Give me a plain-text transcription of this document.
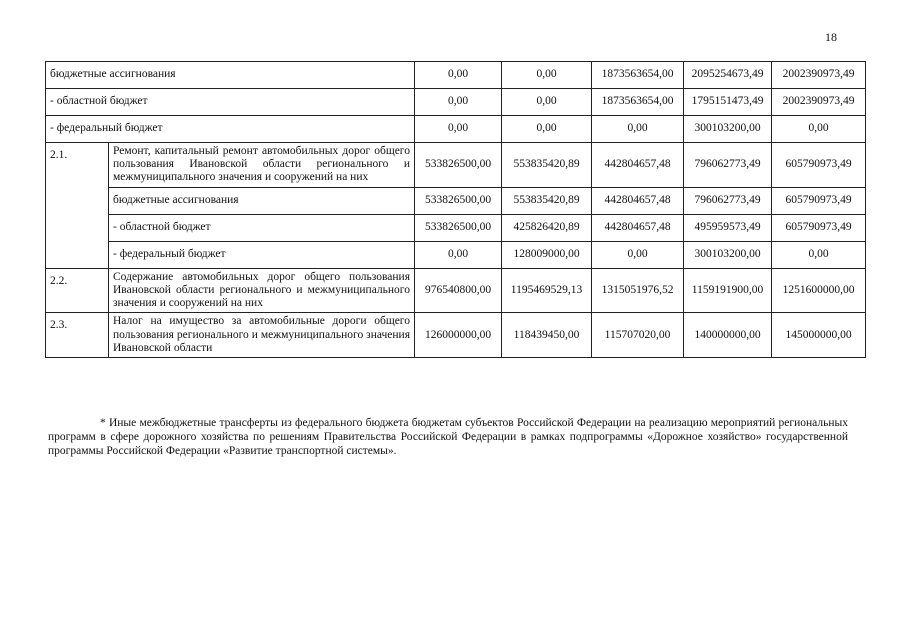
18
бюджетные ассигнования		0,00	0,00	1873563654,00	2095254673,49	2002390973,49
- областной бюджет		0,00	0,00	1873563654,00	1795151473,49	2002390973,49
- федеральный бюджет		0,00	0,00	0,00	300103200,00	0,00
2.1.	Ремонт, капитальный ремонт автомобильных дорог общего пользования Ивановской области регионального и межмуниципального значения и сооружений на них	533826500,00	553835420,89	442804657,48	796062773,49	605790973,49
	бюджетные ассигнования	533826500,00	553835420,89	442804657,48	796062773,49	605790973,49
	- областной бюджет	533826500,00	425826420,89	442804657,48	495959573,49	605790973,49
	- федеральный бюджет	0,00	128009000,00	0,00	300103200,00	0,00
2.2.	Содержание автомобильных дорог общего пользования Ивановской области регионального и межмуниципального значения и сооружений на них	976540800,00	1195469529,13	1315051976,52	1159191900,00	1251600000,00
2.3.	Налог на имущество за автомобильные дороги общего пользования регионального и межмуниципального значения Ивановской области	126000000,00	118439450,00	115707020,00	140000000,00	145000000,00

* Иные межбюджетные трансферты из федерального бюджета бюджетам субъектов Российской Федерации на реализацию мероприятий региональных программ в сфере дорожного хозяйства по решениям Правительства Российской Федерации в рамках подпрограммы «Дорожное хозяйство» государственной программы Российской Федерации «Развитие транспортной системы».
